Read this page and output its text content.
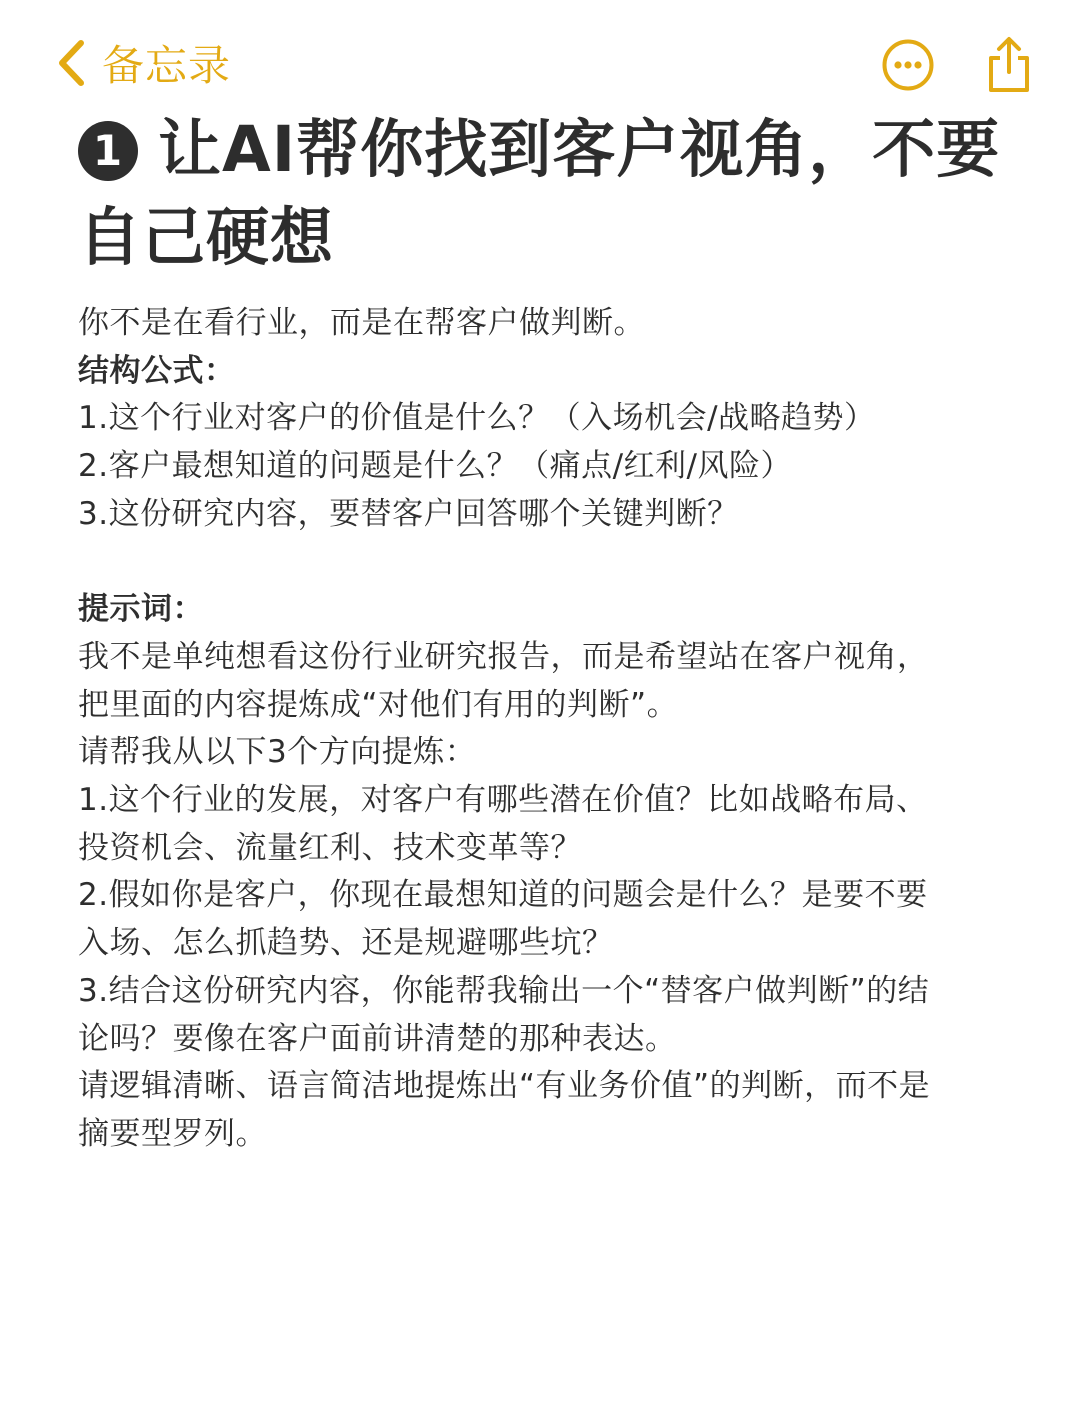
备忘录
1 让AI帮你找到客户视角，不要自己硬想

你不是在看行业，而是在帮客户做判断。

结构公式：

1.这个行业对客户的价值是什么？（入场机会/战略趋势）

2.客户最想知道的问题是什么？（痛点/红利/风险）

3.这份研究内容，要替客户回答哪个关键判断？

提示词：

我不是单纯想看这份行业研究报告，而是希望站在客户视角，

把里面的内容提炼成“对他们有用的判断”。

请帮我从以下3个方向提炼：

1.这个行业的发展，对客户有哪些潜在价值？比如战略布局、

投资机会、流量红利、技术变革等？

2.假如你是客户，你现在最想知道的问题会是什么？是要不要

入场、怎么抓趋势、还是规避哪些坑？

3.结合这份研究内容，你能帮我输出一个“替客户做判断”的结

论吗？要像在客户面前讲清楚的那种表达。

请逻辑清晰、语言简洁地提炼出“有业务价值”的判断，而不是

摘要型罗列。
